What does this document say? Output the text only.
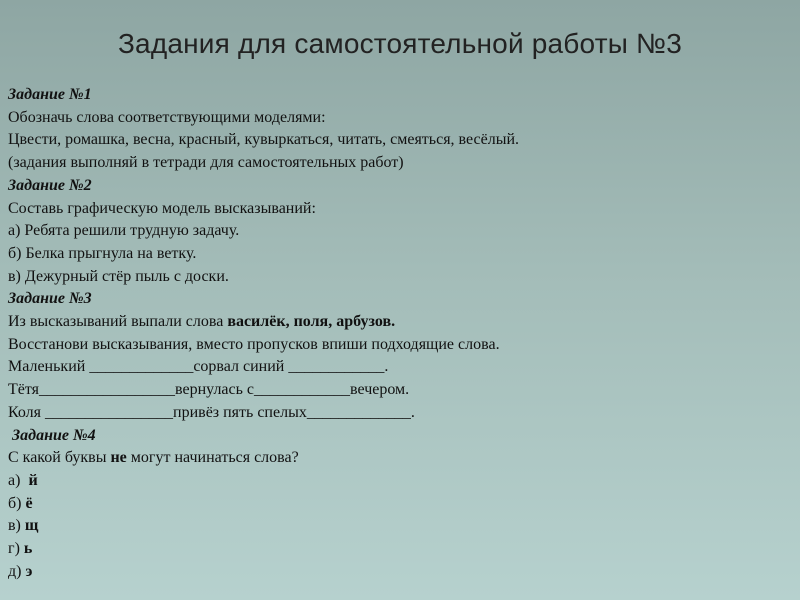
Задания для самостоятельной работы №3
Задание №1
Обозначь слова соответствующими моделями:
Цвести, ромашка, весна, красный, кувыркаться, читать, смеяться, весёлый.
(задания выполняй в тетради для самостоятельных работ)
Задание №2
Составь графическую модель высказываний:
а) Ребята решили трудную задачу.
б) Белка прыгнула на ветку.
в) Дежурный стёр пыль с доски.
Задание №3
Из высказываний выпали слова василёк, поля, арбузов.
Восстанови высказывания, вместо пропусков впиши подходящие слова.
Маленький _____________сорвал синий ____________.
Тётя_________________вернулась с____________вечером.
Коля ________________привёз пять спелых_____________.
Задание №4
С какой буквы не могут начинаться слова?
а)  й
б) ё
в) щ
г) ь
д) э
